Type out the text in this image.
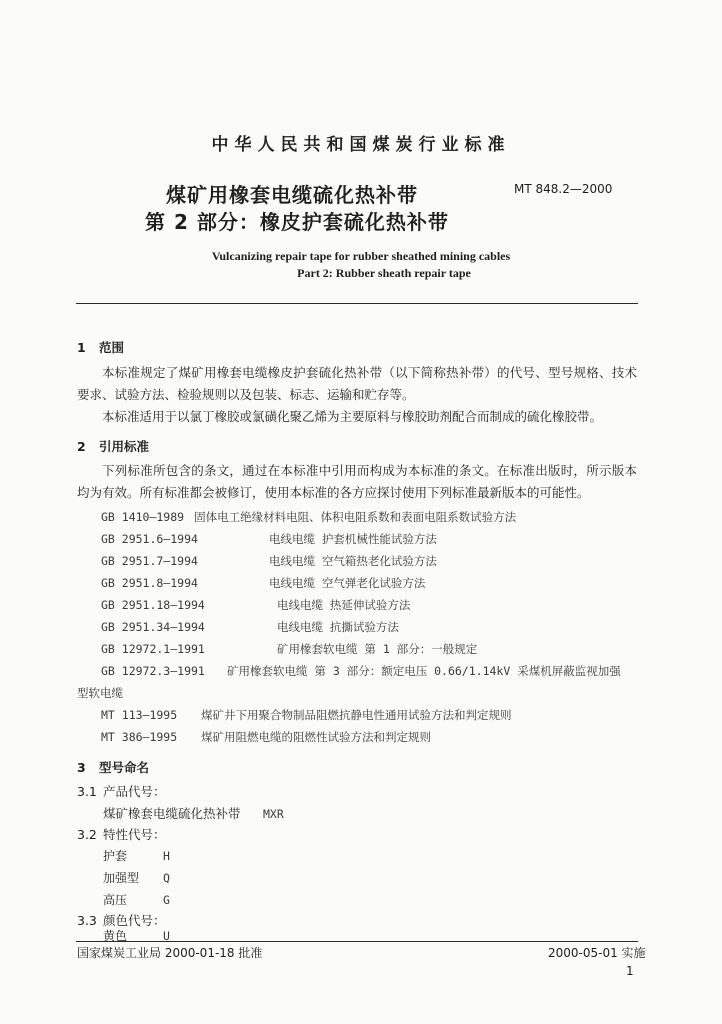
中华人民共和国煤炭行业标准
煤矿用橡套电缆硫化热补带
第 2 部分：橡皮护套硫化热补带
MT 848.2—2000
Vulcanizing repair tape for rubber sheathed mining cables
Part 2: Rubber sheath repair tape
1 范围
本标准规定了煤矿用橡套电缆橡皮护套硫化热补带（以下简称热补带）的代号、型号规格、技术要求、试验方法、检验规则以及包装、标志、运输和贮存等。
本标准适用于以氯丁橡胶或氯磺化聚乙烯为主要原料与橡胶助剂配合而制成的硫化橡胶带。
2 引用标准
下列标准所包含的条文，通过在本标准中引用而构成为本标准的条文。在标准出版时，所示版本均为有效。所有标准都会被修订，使用本标准的各方应探讨使用下列标准最新版本的可能性。
GB 1410—1989 固体电工绝缘材料电阻、体积电阻系数和表面电阻系数试验方法
GB 2951.6—1994	电线电缆 护套机械性能试验方法
GB 2951.7—1994	电线电缆 空气箱热老化试验方法
GB 2951.8—1994	电线电缆 空气弹老化试验方法
GB 2951.18—1994	电线电缆 热延伸试验方法
GB 2951.34—1994	电线电缆 抗撕试验方法
GB 12972.1—1991	矿用橡套软电缆 第 1 部分：一般规定
GB 12972.3—1991 矿用橡套软电缆 第 3 部分：额定电压 0.66/1.14kV 采煤机屏蔽监视加强
型软电缆
MT 113—1995 煤矿井下用聚合物制品阻燃抗静电性通用试验方法和判定规则
MT 386—1995 煤矿用阻燃电缆的阻燃性试验方法和判定规则
3 型号命名
3.1 产品代号：
煤矿橡套电缆硫化热补带 MXR
3.2 特性代号：
护套	H
加强型 Q
高压	G
3.3 颜色代号：
黄色	U
国家煤炭工业局 2000-01-18 批准	2000-05-01 实施
1
